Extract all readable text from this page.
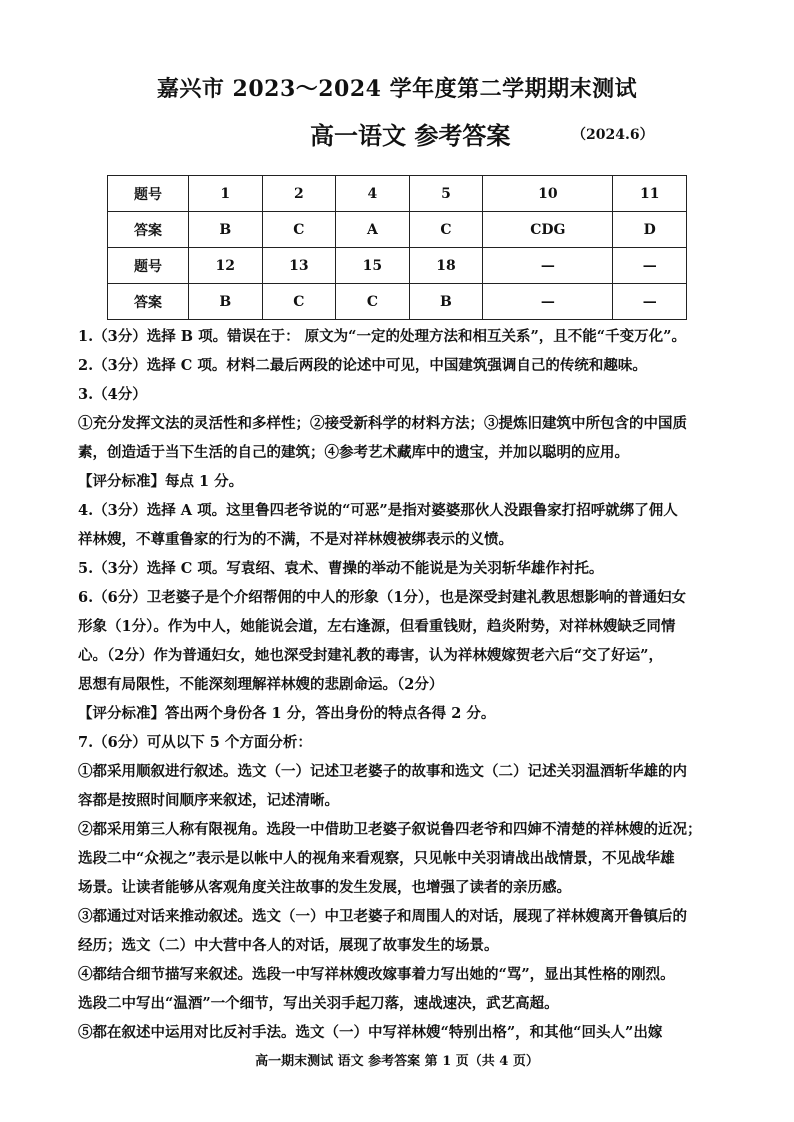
嘉兴市 2023～2024 学年度第二学期期末测试
高一语文 参考答案	（2024.6）
题号	1	2	4	5	10	11
答案	B	C	A	C	CDG	D
题号	12	13	15	18	—	—
答案	B	C	C	B	—	—

1.（3分）选择 B 项。错误在于： 原文为“一定的处理方法和相互关系”，且不能“千变万化”。

2.（3分）选择 C 项。材料二最后两段的论述中可见，中国建筑强调自己的传统和趣味。

3.（4分）

①充分发挥文法的灵活性和多样性；②接受新科学的材料方法；③提炼旧建筑中所包含的中国质

素，创造适于当下生活的自己的建筑；④参考艺术藏库中的遗宝，并加以聪明的应用。

【评分标准】每点 1 分。

4.（3分）选择 A 项。这里鲁四老爷说的“可恶”是指对婆婆那伙人没跟鲁家打招呼就绑了佣人

祥林嫂，不尊重鲁家的行为的不满，不是对祥林嫂被绑表示的义愤。

5.（3分）选择 C 项。写袁绍、袁术、曹操的举动不能说是为关羽斩华雄作衬托。

6.（6分）卫老婆子是个介绍帮佣的中人的形象（1分），也是深受封建礼教思想影响的普通妇女

形象（1分）。作为中人，她能说会道，左右逢源，但看重钱财，趋炎附势，对祥林嫂缺乏同情

心。（2分）作为普通妇女，她也深受封建礼教的毒害，认为祥林嫂嫁贺老六后“交了好运”，

思想有局限性，不能深刻理解祥林嫂的悲剧命运。（2分）

【评分标准】答出两个身份各 1 分，答出身份的特点各得 2 分。

7.（6分）可从以下 5 个方面分析：

①都采用顺叙进行叙述。选文（一）记述卫老婆子的故事和选文（二）记述关羽温酒斩华雄的内

容都是按照时间顺序来叙述，记述清晰。

②都采用第三人称有限视角。选段一中借助卫老婆子叙说鲁四老爷和四婶不清楚的祥林嫂的近况；

选段二中“众视之”表示是以帐中人的视角来看观察，只见帐中关羽请战出战情景，不见战华雄

场景。让读者能够从客观角度关注故事的发生发展，也增强了读者的亲历感。

③都通过对话来推动叙述。选文（一）中卫老婆子和周围人的对话，展现了祥林嫂离开鲁镇后的

经历；选文（二）中大营中各人的对话，展现了故事发生的场景。

④都结合细节描写来叙述。选段一中写祥林嫂改嫁事着力写出她的“骂”，显出其性格的刚烈。

选段二中写出“温酒”一个细节，写出关羽手起刀落，速战速决，武艺高超。

⑤都在叙述中运用对比反衬手法。选文（一）中写祥林嫂“特别出格”，和其他“回头人”出嫁

高一期末测试 语文 参考答案 第 1 页（共 4 页）
